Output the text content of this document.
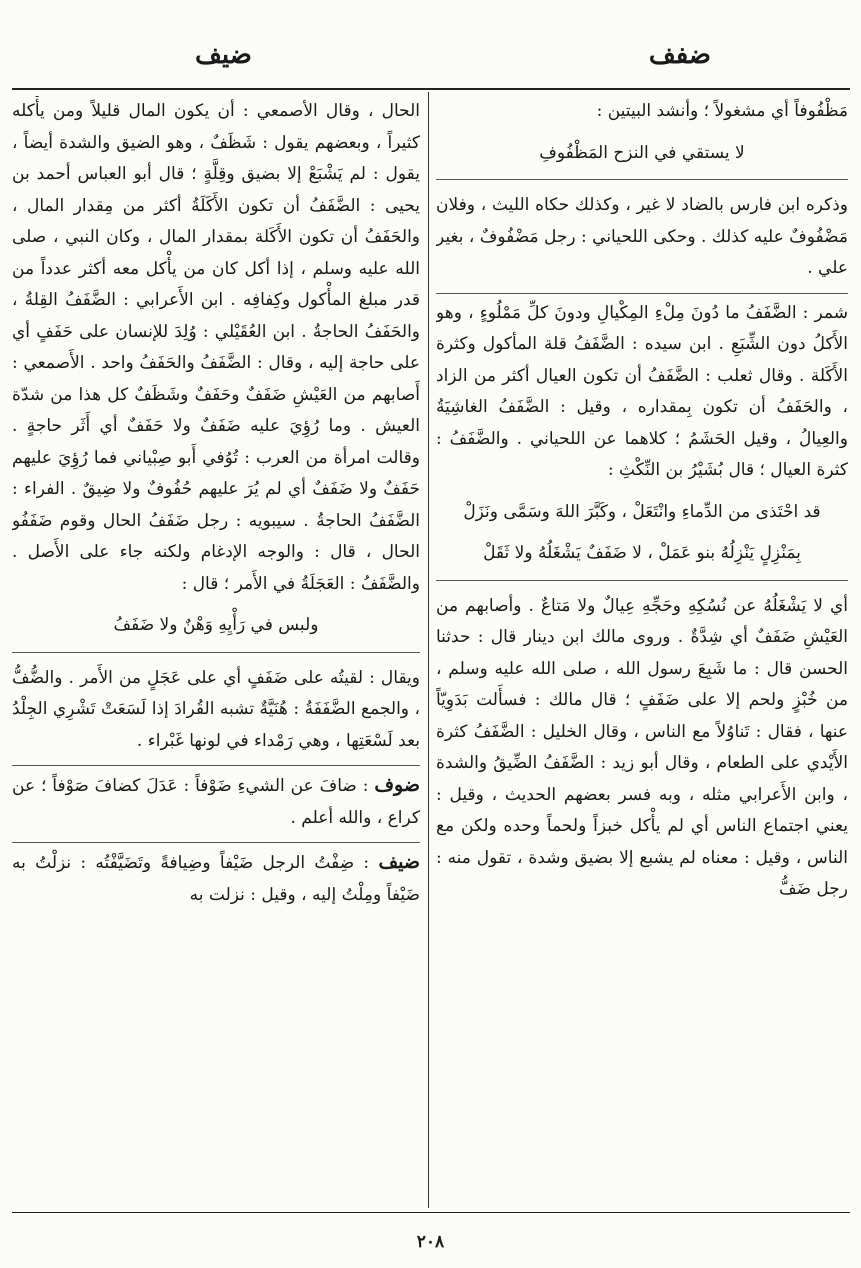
ضفف
ضيف

مَظْفُوفاً أي مشغولاً ؛ وأنشد البيتين :

لا يستقي في النزح المَظْفُوفِ

وذكره ابن فارس بالضاد لا غير ، وكذلك حكاه الليث ، وفلان مَضْفُوفٌ عليه كذلك . وحكى اللحياني : رجل مَضْفُوفٌ ، بغير علي .

شمر : الضَّفَفُ ما دُونَ مِلْءِ المِكْيالِ ودونَ كلِّ مَمْلُوءٍ ، وهو الأَكلُ دون الشِّبَعِ . ابن سيده : الضَّفَفُ قلة المأكول وكثرة الأَكَلة . وقال ثعلب : الضَّفَفُ أن تكون العيال أكثر من الزاد ، والحَفَفُ أن تكون بِمقداره ، وقيل : الضَّفَفُ الغاشِيَةُ والعِيالُ ، وقيل الحَشَمُ ؛ كلاهما عن اللحياني . والضَّفَفُ : كثرة العيال ؛ قال بُشَيْرُ بن النِّكْثِ :

قد احْتَذى من الدِّماءِ وانْتَعَلْ ، وكَبَّرَ اللهَ وسَمَّى ونَزَلْ

بِمَنْزِلٍ يَنْزِلُهُ بنو عَمَلْ ، لا ضَفَفٌ يَشْغَلُهُ ولا ثَقَلْ

أي لا يَشْغَلُهُ عن نُسُكِهِ وحَجِّهِ عِيالٌ ولا مَتاعٌ . وأصابهم من العَيْشِ ضَفَفٌ أي شِدَّةٌ . وروى مالك ابن دينار قال : حدثنا الحسن قال : ما شَبِعَ رسول الله ، صلى الله عليه وسلم ، من خُبْزٍ ولحم إلا على ضَفَفٍ ؛ قال مالك : فسأَلت بَدَوِيّاً عنها ، فقال : تَناوُلاً مع الناس ، وقال الخليل : الضَّفَفُ كثرة الأَيْدي على الطعام ، وقال أبو زيد : الضَّفَفُ الضِّيقُ والشدة ، وابن الأَعرابي مثله ، وبه فسر بعضهم الحديث ، وقيل : يعني اجتماع الناس أي لم يأْكل خبزاً ولحماً وحده ولكن مع الناس ، وقيل : معناه لم يشبع إلا بضيق وشدة ، تقول منه : رجل ضَفُّ

الحال ، وقال الأصمعي : أن يكون المال قليلاً ومن يأْكله كثيراً ، وبعضهم يقول : شَظَفٌ ، وهو الضيق والشدة أيضاً ، يقول : لم يَشْبَعْ إلا بضيق وقِلَّةٍ ؛ قال أبو العباس أحمد بن يحيى : الضَّفَفُ أن تكون الأَكَلَةُ أكثر من مِقدار المال ، والحَفَفُ أن تكون الأَكَلة بمقدار المال ، وكان النبي ، صلى الله عليه وسلم ، إذا أكل كان من يأْكل معه أكثر عدداً من قدر مبلغ المأْكول وكِفافِه . ابن الأَعرابي : الضَّفَفُ القِلةُ ، والحَفَفُ الحاجةُ . ابن العُقَيْلي : وُلِدَ للإنسان على حَفَفٍ أي على حاجة إليه ، وقال : الضَّفَفُ والحَفَفُ واحد . الأَصمعي : أَصابهم من العَيْشِ ضَفَفٌ وحَفَفٌ وشَظَفٌ كل هذا من شدّة العيش . وما رُؤِيَ عليه ضَفَفٌ ولا حَفَفٌ أي أَثَر حاجةٍ . وقالت امرأة من العرب : تُوُفي أَبو صِبْياني فما رُؤِيَ عليهم حَفَفٌ ولا ضَفَفٌ أي لم يُرَ عليهم حُفُوفٌ ولا ضِيقٌ . الفراء : الضَّفَفُ الحاجةُ . سيبويه : رجل ضَفَفُ الحال وقوم ضَفَفُو الحال ، قال : والوجه الإدغام ولكنه جاء على الأَصل . والضَّفَفُ : العَجَلَةُ في الأَمر ؛ قال :

ولبس في رَأْيِهِ وَهْنٌ ولا ضَفَفُ

ويقال : لقيتُه على ضَفَفٍ أي على عَجَلٍ من الأَمر . والضُّفُّ ، والجمع الضَّفَفَةُ : هُنَيَّةٌ تشبه القُرادَ إذا لَسَعَتْ تَشْرِي الجِلْدُ بعد لَسْعَتِها ، وهي رَمْداء في لونها غَبْراء .

ضوف : ضافَ عن الشيءِ ضَوْفاً : عَدَلَ كضافَ صَوْفاً ؛ عن كراع ، والله أعلم .

ضيف : ضِفْتُ الرجل ضَيْفاً وضِيافةً وتَضَيَّفْتُه : نزلْتُ به ضَيْفاً ومِلْتُ إليه ، وقيل : نزلت به

٢٠٨
